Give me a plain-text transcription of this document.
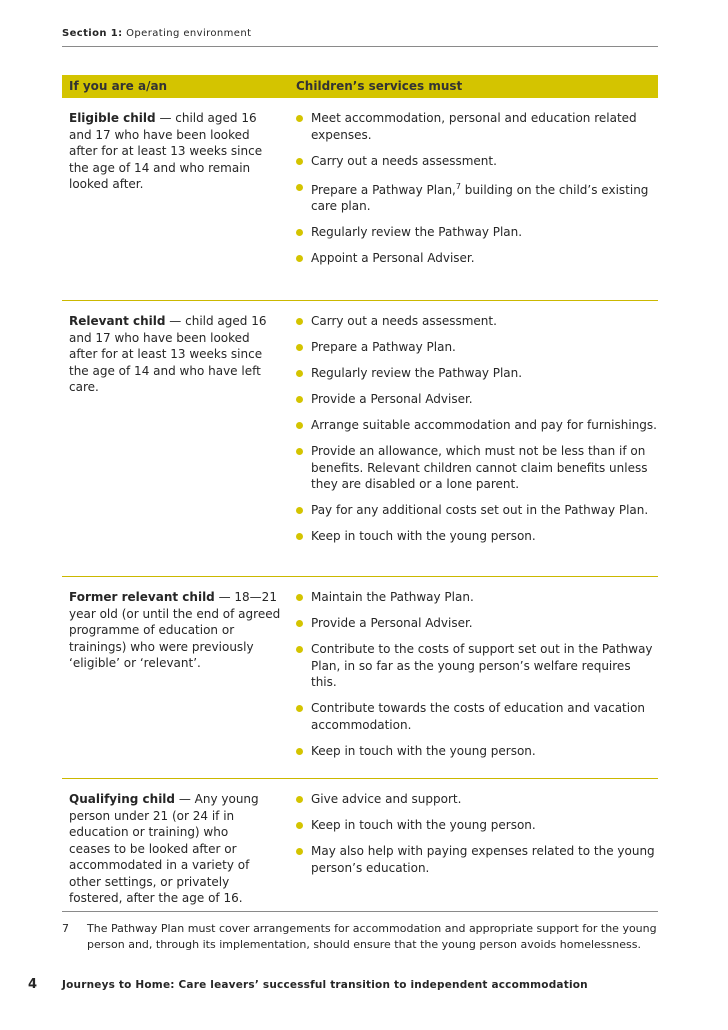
Section 1: Operating environment
If you are a/an	Children’s services must
Eligible child — child aged 16 and 17 who have been looked after for at least 13 weeks since the age of 14 and who remain looked after.
Meet accommodation, personal and education related expenses.
Carry out a needs assessment.
Prepare a Pathway Plan,$^7$ building on the child’s existing care plan.
Regularly review the Pathway Plan.
Appoint a Personal Adviser.
Relevant child — child aged 16 and 17 who have been looked after for at least 13 weeks since the age of 14 and who have left care.
Carry out a needs assessment.
Prepare a Pathway Plan.
Regularly review the Pathway Plan.
Provide a Personal Adviser.
Arrange suitable accommodation and pay for furnishings.
Provide an allowance, which must not be less than if on benefits. Relevant children cannot claim benefits unless they are disabled or a lone parent.
Pay for any additional costs set out in the Pathway Plan.
Keep in touch with the young person.
Former relevant child — 18—21 year old (or until the end of agreed programme of education or trainings) who were previously ‘eligible’ or ‘relevant’.
Maintain the Pathway Plan.
Provide a Personal Adviser.
Contribute to the costs of support set out in the Pathway Plan, in so far as the young person’s welfare requires this.
Contribute towards the costs of education and vacation accommodation.
Keep in touch with the young person.
Qualifying child — Any young person under 21 (or 24 if in education or training) who ceases to be looked after or accommodated in a variety of other settings, or privately fostered, after the age of 16.
Give advice and support.
Keep in touch with the young person.
May also help with paying expenses related to the young person’s education.
7 The Pathway Plan must cover arrangements for accommodation and appropriate support for the young person and, through its implementation, should ensure that the young person avoids homelessness.
4 Journeys to Home: Care leavers’ successful transition to independent accommodation
